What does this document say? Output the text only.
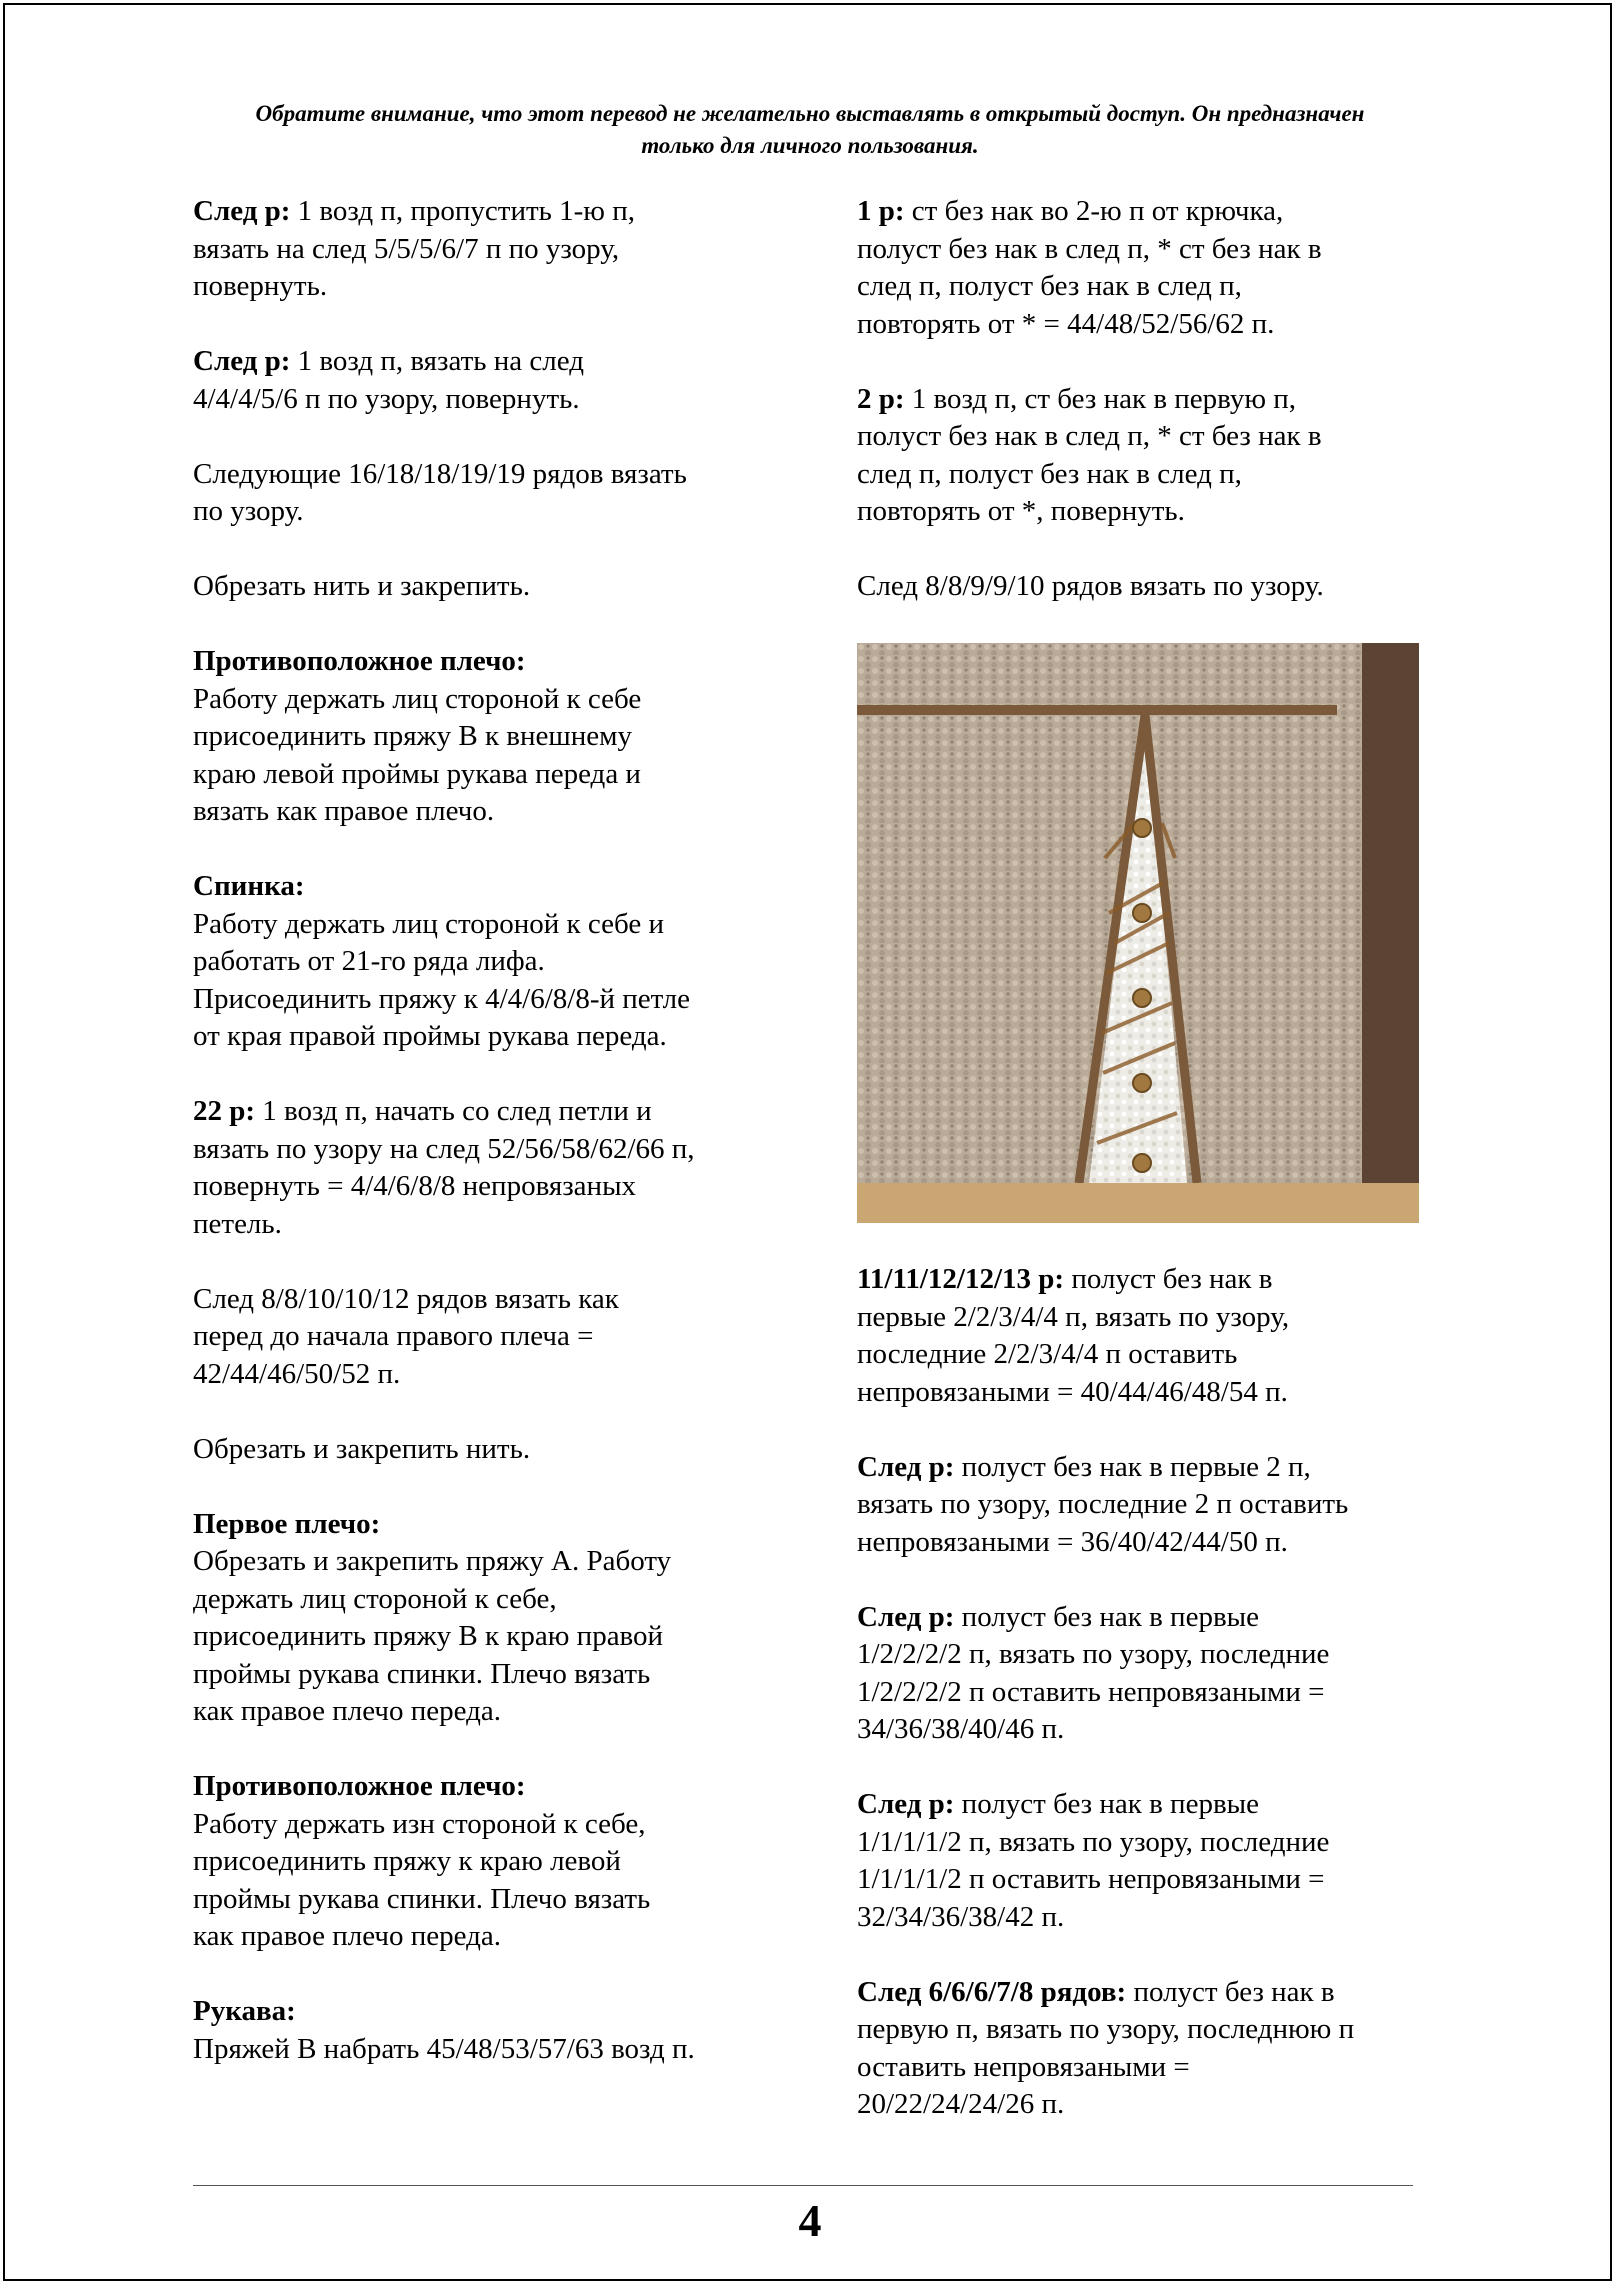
Обратите внимание, что этот перевод не желательно выставлять в открытый доступ. Он предназначен только для личного пользования.

След р: 1 возд п, пропустить 1-ю п,
вязать на след 5/5/5/6/7 п по узору,
повернуть.

След р: 1 возд п, вязать на след
4/4/4/5/6 п по узору, повернуть.

Следующие 16/18/18/19/19 рядов вязать
по узору.

Обрезать нить и закрепить.

Противоположное плечо:
Работу держать лиц стороной к себе
присоединить пряжу В к внешнему
краю левой проймы рукава переда и
вязать как правое плечо.

Спинка:
Работу держать лиц стороной к себе и
работать от 21-го ряда лифа.
Присоединить пряжу к 4/4/6/8/8-й петле
от края правой проймы рукава переда.

22 р: 1 возд п, начать со след петли и
вязать по узору на след 52/56/58/62/66 п,
повернуть = 4/4/6/8/8 непровязаных
петель.

След 8/8/10/10/12 рядов вязать как
перед до начала правого плеча =
42/44/46/50/52 п.

Обрезать и закрепить нить.

Первое плечо:
Обрезать и закрепить пряжу А. Работу
держать лиц стороной к себе,
присоединить пряжу В к краю правой
проймы рукава спинки. Плечо вязать
как правое плечо переда.

Противоположное плечо:
Работу держать изн стороной к себе,
присоединить пряжу к краю левой
проймы рукава спинки. Плечо вязать
как правое плечо переда.

Рукава:
Пряжей В набрать 45/48/53/57/63 возд п.

1 р: ст без нак во 2-ю п от крючка,
полуст без нак в след п, * ст без нак в
след п, полуст без нак в след п,
повторять от * = 44/48/52/56/62 п.

2 р: 1 возд п, ст без нак в первую п,
полуст без нак в след п, * ст без нак в
след п, полуст без нак в след п,
повторять от *, повернуть.

След 8/8/9/9/10 рядов вязать по узору.

11/11/12/12/13 р: полуст без нак в
первые 2/2/3/4/4 п, вязать по узору,
последние 2/2/3/4/4 п оставить
непровязаными = 40/44/46/48/54 п.

След р: полуст без нак в первые 2 п,
вязать по узору, последние 2 п оставить
непровязаными = 36/40/42/44/50 п.

След р: полуст без нак в первые
1/2/2/2/2 п, вязать по узору, последние
1/2/2/2/2 п оставить непровязаными =
34/36/38/40/46 п.

След р: полуст без нак в первые
1/1/1/1/2 п, вязать по узору, последние
1/1/1/1/2 п оставить непровязаными =
32/34/36/38/42 п.

След 6/6/6/7/8 рядов: полуст без нак в
первую п, вязать по узору, последнюю п
оставить непровязаными =
20/22/24/24/26 п.

4
